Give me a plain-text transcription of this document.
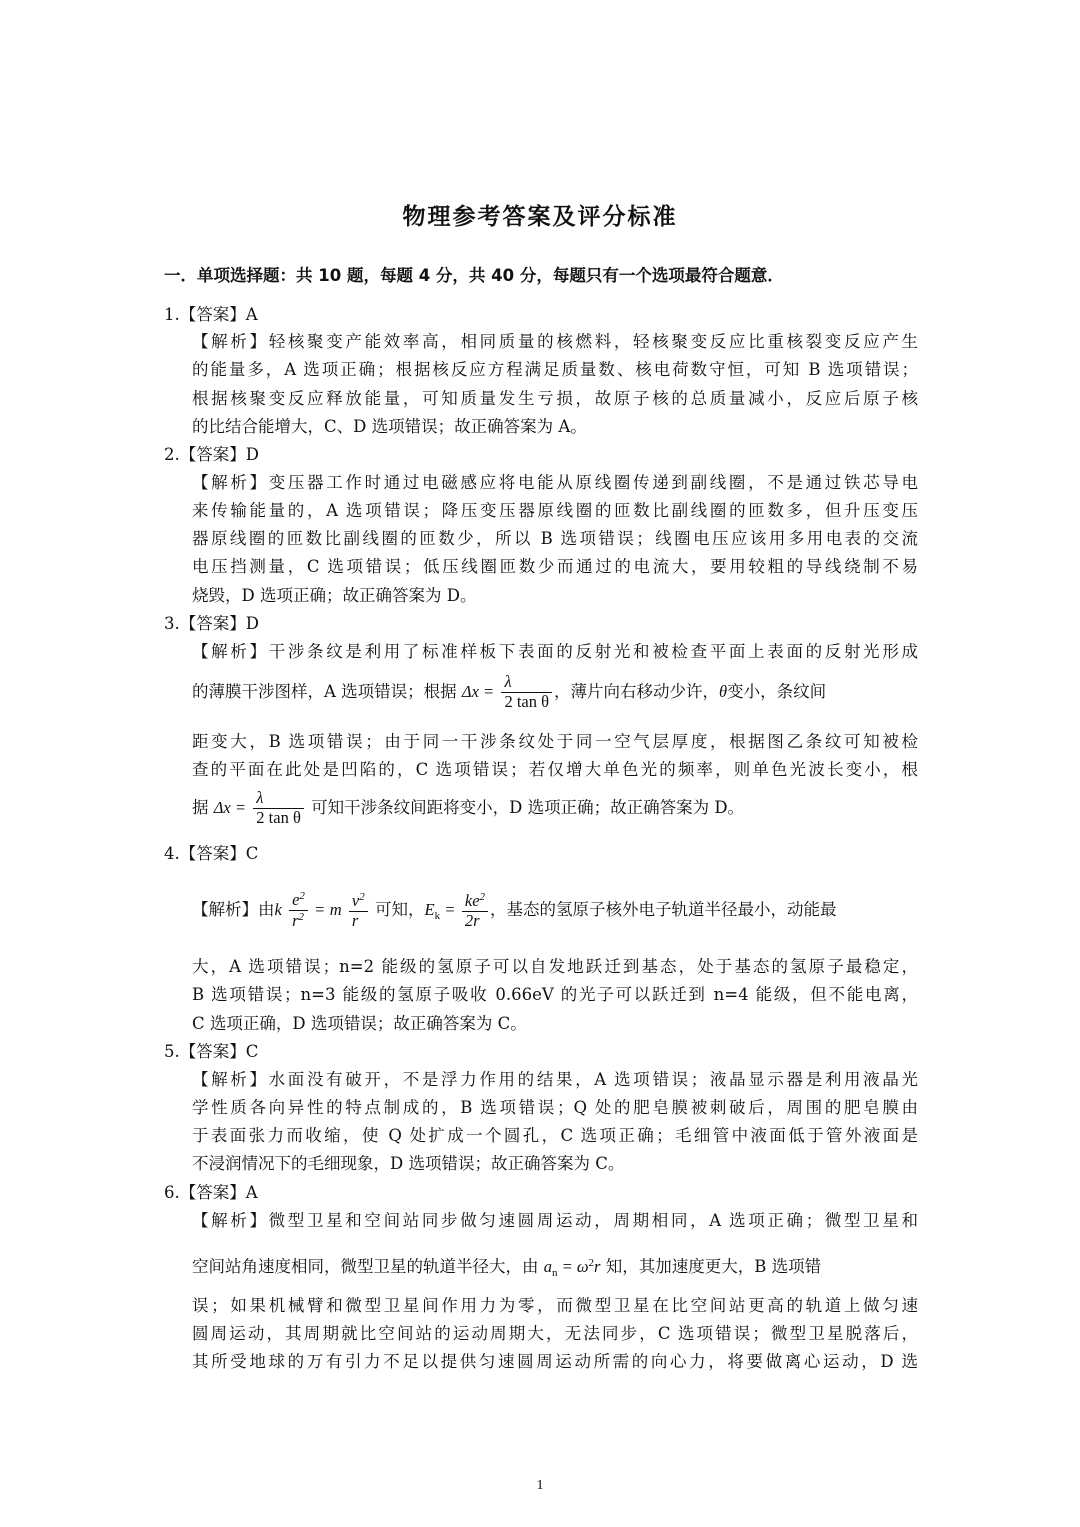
物理参考答案及评分标准
一．单项选择题：共 10 题，每题 4 分，共 40 分，每题只有一个选项最符合题意．
1.【答案】A
【解析】轻核聚变产能效率高，相同质量的核燃料，轻核聚变反应比重核裂变反应产生
的能量多，A 选项正确；根据核反应方程满足质量数、核电荷数守恒，可知 B 选项错误；
根据核聚变反应释放能量，可知质量发生亏损，故原子核的总质量减小，反应后原子核
的比结合能增大，C、D 选项错误；故正确答案为 A。
2.【答案】D
【解析】变压器工作时通过电磁感应将电能从原线圈传递到副线圈，不是通过铁芯导电
来传输能量的，A 选项错误；降压变压器原线圈的匝数比副线圈的匝数多，但升压变压
器原线圈的匝数比副线圈的匝数少，所以 B 选项错误；线圈电压应该用多用电表的交流
电压挡测量，C 选项错误；低压线圈匝数少而通过的电流大，要用较粗的导线绕制不易
烧毁，D 选项正确；故正确答案为 D。
3.【答案】D
【解析】干涉条纹是利用了标准样板下表面的反射光和被检查平面上表面的反射光形成
的薄膜干涉图样，A 选项错误；根据 $\Delta x = \frac{\lambda}{\text{2 tan θ}}$ ，薄片向右移动少许，θ变小，条纹间
距变大，B 选项错误；由于同一干涉条纹处于同一空气层厚度，根据图乙条纹可知被检
查的平面在此处是凹陷的，C 选项错误；若仅增大单色光的频率，则单色光波长变小，根
据 $\Delta x = \frac{\lambda}{\text{2 tan θ}}$ 可知干涉条纹间距将变小，D 选项正确；故正确答案为 D。
4.【答案】C
【解析】由k $\frac{e^2}{r^2} = m \frac{v^2}{r}$ 可知，$E_k = \frac{ke^2}{2r}$ ，基态的氢原子核外电子轨道半径最小，动能最
大，A 选项错误；n=2 能级的氢原子可以自发地跃迁到基态，处于基态的氢原子最稳定，
B 选项错误；n=3 能级的氢原子吸收 0.66eV 的光子可以跃迁到 n=4 能级，但不能电离，
C 选项正确，D 选项错误；故正确答案为 C。
5.【答案】C
【解析】水面没有破开，不是浮力作用的结果，A 选项错误；液晶显示器是利用液晶光
学性质各向异性的特点制成的，B 选项错误；Q 处的肥皂膜被刺破后，周围的肥皂膜由
于表面张力而收缩，使 Q 处扩成一个圆孔，C 选项正确；毛细管中液面低于管外液面是
不浸润情况下的毛细现象，D 选项错误；故正确答案为 C。
6.【答案】A
【解析】微型卫星和空间站同步做匀速圆周运动，周期相同，A 选项正确；微型卫星和
空间站角速度相同，微型卫星的轨道半径大，由 $a_n = \omega^2r$ 知，其加速度更大，B 选项错
误；如果机械臂和微型卫星间作用力为零，而微型卫星在比空间站更高的轨道上做匀速
圆周运动，其周期就比空间站的运动周期大，无法同步，C 选项错误；微型卫星脱落后，
其所受地球的万有引力不足以提供匀速圆周运动所需的向心力，将要做离心运动，D 选
1
